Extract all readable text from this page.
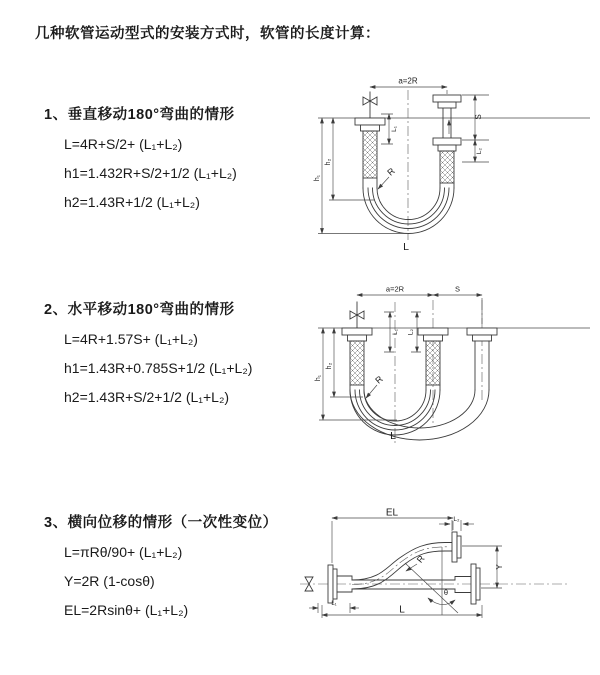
几种软管运动型式的安装方式时，软管的长度计算：
1、垂直移动180°弯曲的情形
L=4R+S/2+ (L₁+L₂)
h1=1.432R+S/2+1/2 (L₁+L₂)
h2=1.43R+1/2 (L₁+L₂)
2、水平移动180°弯曲的情形
L=4R+1.57S+ (L₁+L₂)
h1=1.43R+0.785S+1/2 (L₁+L₂)
h2=1.43R+S/2+1/2 (L₁+L₂)
3、横向位移的情形（一次性变位）
L=πRθ/90+ (L₁+L₂)
Y=2R (1-cosθ)
EL=2Rsinθ+ (L₁+L₂)
a=2R
L₁
h₁
h₂
S
L₂
R
L
a=2R	S
L₁ L₂
h₁
h₂
R
L
θ
EL
L₂
Y
R
L₁
L
